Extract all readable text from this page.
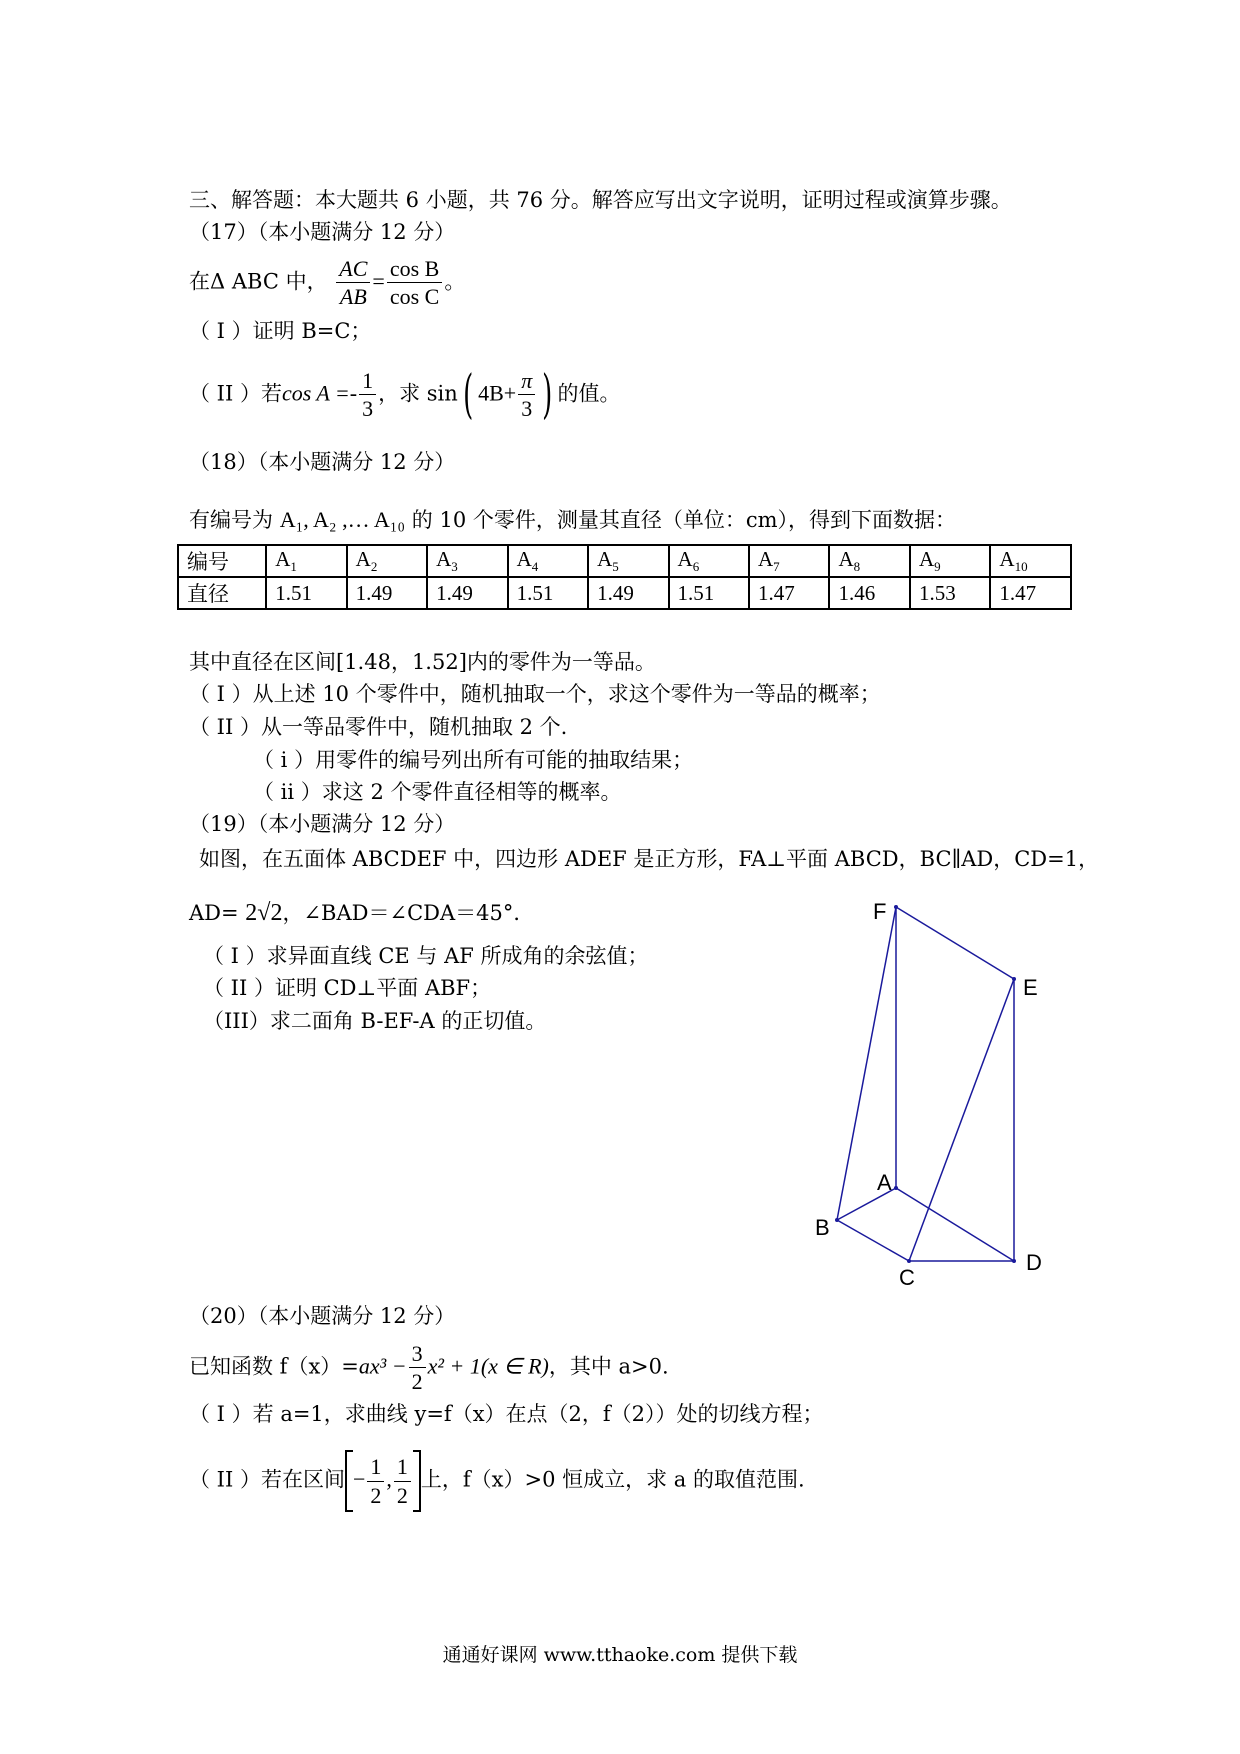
三、解答题：本大题共 6 小题，共 76 分。解答应写出文字说明，证明过程或演算步骤。
（17）（本小题满分 12 分）
在Δ ABC 中， $\frac{AC}{AB} = \frac{\text{cos B}}{\text{cos C}}$ 。
（ I ）证明 B=C；
（ II ）若$\cos A =- \frac{1}{3}$ ，求 sin( $4B+ \frac{\pi}{3}$ ) 的值。
（18）（本小题满分 12 分）
有编号为 A₁, A₂ ,… A₁₀ 的 10 个零件，测量其直径（单位：cm），得到下面数据：
编号	$A_1$	$A_2$	$A_3$	$A_4$	$A_5$	$A_6$	$A_7$	$A_8$	$A_9$	$A_{10}$
直径	1.51	1.49	1.49	1.51	1.49	1.51	1.47	1.46	1.53	1.47
其中直径在区间[1.48，1.52]内的零件为一等品。
（ I ）从上述 10 个零件中，随机抽取一个，求这个零件为一等品的概率；
（ II ）从一等品零件中，随机抽取 2 个.
（ i ）用零件的编号列出所有可能的抽取结果；
（ ii ）求这 2 个零件直径相等的概率。
（19）（本小题满分 12 分）
如图，在五面体 ABCDEF 中，四边形 ADEF 是正方形，FA⊥平面 ABCD，BC∥AD，CD=1，
AD= 2√2，∠BAD＝∠CDA＝45°．
（ I ）求异面直线 CE 与 AF 所成角的余弦值；
（ II ）证明 CD⊥平面 ABF；
（III）求二面角 B-EF-A 的正切值。
F
E
A
B
C
D
（20）（本小题满分 12 分）
已知函数 $f(x)=ax^3 - \frac{3}{2} x^2 + 1(x$ ∈ R)，其中 a>0.
（ I ）若 a=1，求曲线 y=f（x）在点（2，f（2））处的切线方程；
（ II ）若在区间 − $\frac{1}{2}$ , $\frac{1}{2}$ 上，f（x）>0 恒成立，求 a 的取值范围.
通通好课网 www.tthaoke.com 提供下载
